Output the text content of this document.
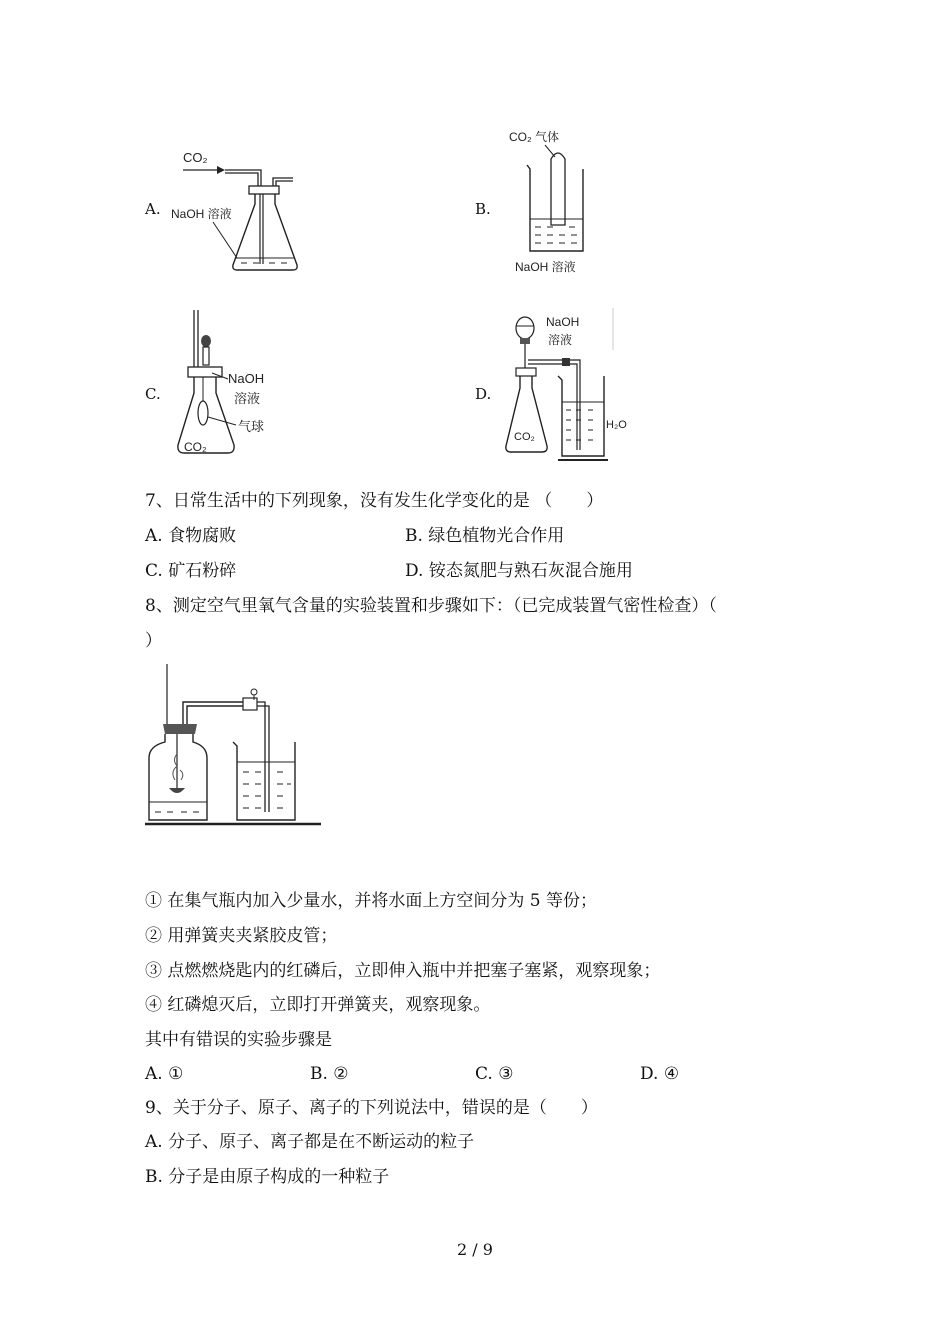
A.
CO₂
NaOH 溶液	B.
CO₂ 气体
NaOH 溶液
C.
CO₂
NaOH
溶液
气球
D.
NaOH
溶液
CO₂
H₂O
7、日常生活中的下列现象，没有发生化学变化的是 （　　）
A. 食物腐败	B. 绿色植物光合作用
C. 矿石粉碎	D. 铵态氮肥与熟石灰混合施用
8、测定空气里氧气含量的实验装置和步骤如下：（已完成装置气密性检查）（
）
① 在集气瓶内加入少量水，并将水面上方空间分为 5 等份；
② 用弹簧夹夹紧胶皮管；
③ 点燃燃烧匙内的红磷后，立即伸入瓶中并把塞子塞紧，观察现象；
④ 红磷熄灭后，立即打开弹簧夹，观察现象。
其中有错误的实验步骤是
A. ①	B. ②	C. ③	D. ④
9、关于分子、原子、离子的下列说法中，错误的是（　　）
A. 分子、原子、离子都是在不断运动的粒子
B. 分子是由原子构成的一种粒子
2 / 9
